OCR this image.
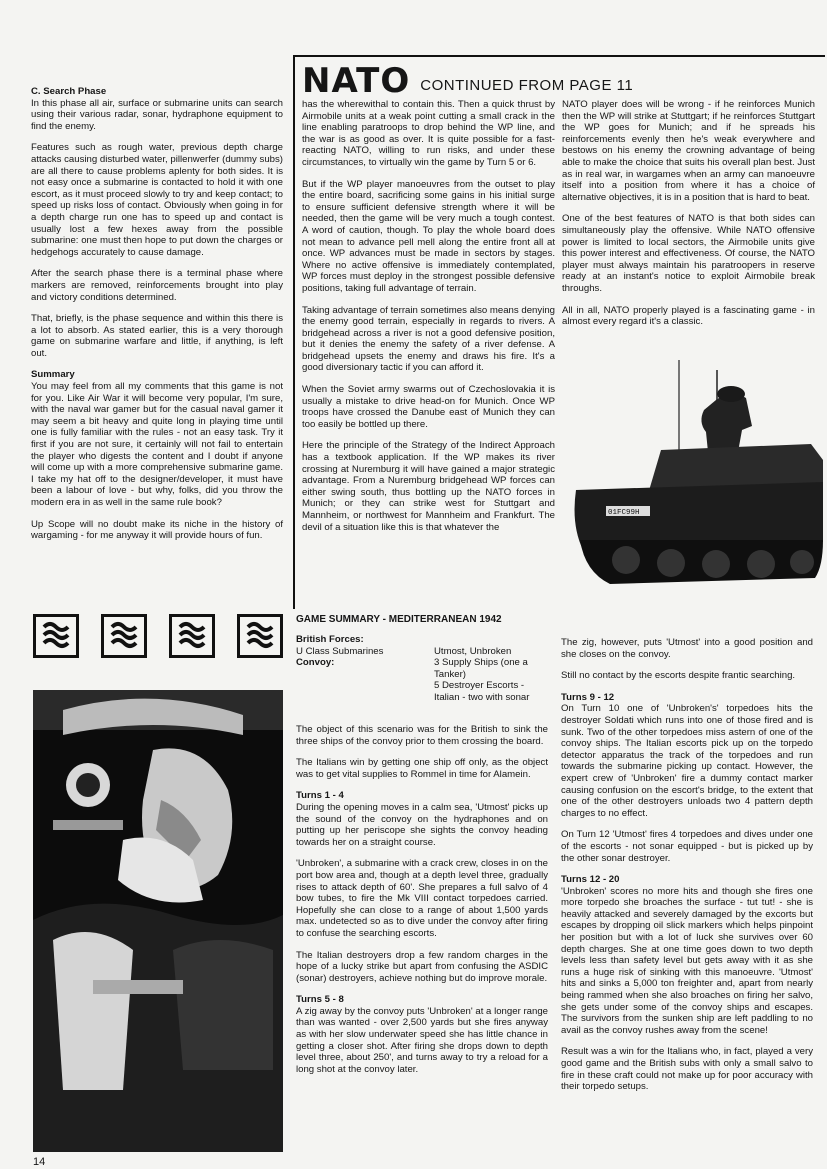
C. Search Phase
In this phase all air, surface or submarine units can search using their various radar, sonar, hydraphone equipment to find the enemy.

Features such as rough water, previous depth charge attacks causing disturbed water, pillenwerfer (dummy subs) are all there to cause problems aplenty for both sides. It is not easy once a submarine is contacted to hold it with one escort, as it must proceed slowly to try and keep contact; to speed up risks loss of contact. Obviously when going in for a depth charge run one has to speed up and contact is usually lost a few hexes away from the possible submarine: one must then hope to put down the charges or hedgehogs accurately to cause damage.

After the search phase there is a terminal phase where markers are removed, reinforcements brought into play and victory conditions determined.

That, briefly, is the phase sequence and within this there is a lot to absorb. As stated earlier, this is a very thorough game on submarine warfare and little, if anything, is left out.

Summary
You may feel from all my comments that this game is not for you. Like Air War it will become very popular, I'm sure, with the naval war gamer but for the casual naval gamer it may seem a bit heavy and quite long in playing time until one is fully familiar with the rules - not an easy task. Try it first if you are not sure, it certainly will not fail to entertain the player who digests the content and I doubt if anyone will come up with a more comprehensive submarine game. I take my hat off to the designer/developer, it must have been a labour of love - but why, folks, did you throw the modern era in as well in the same rule book?

Up Scope will no doubt make its niche in the history of wargaming - for me anyway it will provide hours of fun.

NATO CONTINUED FROM PAGE 11

has the wherewithal to contain this. Then a quick thrust by Airmobile units at a weak point cutting a small crack in the line enabling paratroops to drop behind the WP line, and the war is as good as over. It is quite possible for a fast-reacting NATO, willing to run risks, and under these circumstances, to virtually win the game by Turn 5 or 6.

But if the WP player manoeuvres from the outset to play the entire board, sacrificing some gains in his initial surge to ensure sufficient defensive strength where it will be needed, then the game will be very much a tough contest. A word of caution, though. To play the whole board does not mean to advance pell mell along the entire front all at once. WP advances must be made in sectors by stages. Where no active offensive is immediately contemplated, WP forces must deploy in the strongest possible defensive positions, taking full advantage of terrain.

Taking advantage of terrain sometimes also means denying the enemy good terrain, especially in regards to rivers. A bridgehead across a river is not a good defensive position, but it denies the enemy the safety of a river defense. A bridgehead upsets the enemy and draws his fire. It's a good diversionary tactic if you can afford it.

When the Soviet army swarms out of Czechoslovakia it is usually a mistake to drive head-on for Munich. Once WP troops have crossed the Danube east of Munich they can too easily be bottled up there.

Here the principle of the Strategy of the Indirect Approach has a textbook application. If the WP makes its river crossing at Nuremburg it will have gained a major strategic advantage. From a Nuremburg bridgehead WP forces can either swing south, thus bottling up the NATO forces in Munich; or they can strike west for Stuttgart and Mannheim, or northwest for Mannheim and Frankfurt. The devil of a situation like this is that whatever the

NATO player does will be wrong - if he reinforces Munich then the WP will strike at Stuttgart; if he reinforces Stuttgart the WP goes for Munich; and if he spreads his reinforcements evenly then he's weak everywhere and bestows on his enemy the crowning advantage of being able to make the choice that suits his overall plan best. Just as in real war, in wargames when an army can manoeuvre itself into a position from where it has a choice of alternative objectives, it is in a position that is hard to beat.

One of the best features of NATO is that both sides can simultaneously play the offensive. While NATO offensive power is limited to local sectors, the Airmobile units give this power interest and effectiveness. Of course, the NATO player must always maintain his paratroopers in reserve ready at an instant's notice to exploit Airmobile break throughs.

All in all, NATO properly played is a fascinating game - in almost every regard it's a classic.

01FC99H
GAME SUMMARY - MEDITERRANEAN 1942
British Forces:
U Class Submarines	Utmost, Unbroken
Convoy:	3 Supply Ships (one a Tanker)
5 Destroyer Escorts - Italian - two with sonar

The object of this scenario was for the British to sink the three ships of the convoy prior to them crossing the board.

The Italians win by getting one ship off only, as the object was to get vital supplies to Rommel in time for Alamein.

Turns 1 - 4
During the opening moves in a calm sea, 'Utmost' picks up the sound of the convoy on the hydraphones and on putting up her periscope she sights the convoy heading towards her on a straight course.

'Unbroken', a submarine with a crack crew, closes in on the port bow area and, though at a depth level three, gradually rises to attack depth of 60'. She prepares a full salvo of 4 bow tubes, to fire the Mk VIII contact torpedoes carried. Hopefully she can close to a range of about 1,500 yards max. undetected so as to dive under the convoy after firing to confuse the searching escorts.

The Italian destroyers drop a few random charges in the hope of a lucky strike but apart from confusing the ASDIC (sonar) destroyers, achieve nothing but do improve morale.

Turns 5 - 8
A zig away by the convoy puts 'Unbroken' at a longer range than was wanted - over 2,500 yards but she fires anyway as with her slow underwater speed she has little chance in getting a closer shot. After firing she drops down to depth level three, about 250', and turns away to try a reload for a long shot at the convoy later.

The zig, however, puts 'Utmost' into a good position and she closes on the convoy.

Still no contact by the escorts despite frantic searching.

Turns 9 - 12
On Turn 10 one of 'Unbroken's' torpedoes hits the destroyer Soldati which runs into one of those fired and is sunk. Two of the other torpedoes miss astern of one of the convoy ships. The Italian escorts pick up on the torpedo detector apparatus the track of the torpedoes and run towards the submarine picking up contact. However, the expert crew of 'Unbroken' fire a dummy contact marker causing confusion on the escort's bridge, to the extent that one of the other destroyers unloads two 4 pattern depth charges to no effect.

On Turn 12 'Utmost' fires 4 torpedoes and dives under one of the escorts - not sonar equipped - but is picked up by the other sonar destroyer.

Turns 12 - 20
'Unbroken' scores no more hits and though she fires one more torpedo she broaches the surface - tut tut! - she is heavily attacked and severely damaged by the excorts but escapes by dropping oil slick markers which helps pinpoint her position but with a lot of luck she survives over 60 depth charges. She at one time goes down to two depth levels less than safety level but gets away with it as she runs a huge risk of sinking with this manoeuvre. 'Utmost' hits and sinks a 5,000 ton freighter and, apart from nearly being rammed when she also broaches on firing her salvo, she gets under some of the convoy ships and escapes. The survivors from the sunken ship are left paddling to no avail as the convoy rushes away from the scene!

Result was a win for the Italians who, in fact, played a very good game and the British subs with only a small salvo to fire in these craft could not make up for poor accuracy with their torpedo setups.

14
